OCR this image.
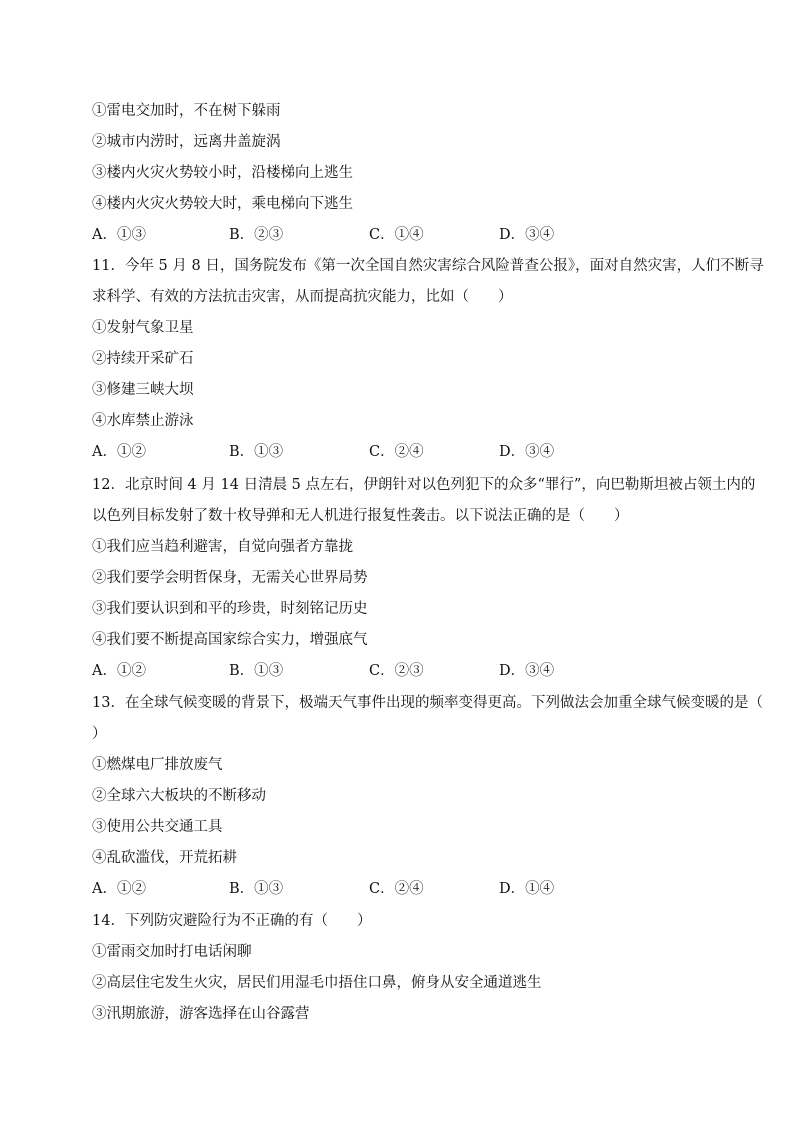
①雷电交加时，不在树下躲雨
②城市内涝时，远离井盖旋涡
③楼内火灾火势较小时，沿楼梯向上逃生
④楼内火灾火势较大时，乘电梯向下逃生
A．①③	B．②③	C．①④	D．③④
11．今年 5 月 8 日，国务院发布《第一次全国自然灾害综合风险普查公报》，面对自然灾害，人们不断寻
求科学、有效的方法抗击灾害，从而提高抗灾能力，比如（　　）
①发射气象卫星
②持续开采矿石
③修建三峡大坝
④水库禁止游泳
A．①②	B．①③	C．②④	D．③④
12．北京时间 4 月 14 日清晨 5 点左右，伊朗针对以色列犯下的众多“罪行”，向巴勒斯坦被占领土内的
以色列目标发射了数十枚导弹和无人机进行报复性袭击。以下说法正确的是（　　）
①我们应当趋利避害，自觉向强者方靠拢
②我们要学会明哲保身，无需关心世界局势
③我们要认识到和平的珍贵，时刻铭记历史
④我们要不断提高国家综合实力，增强底气
A．①②	B．①③	C．②③	D．③④
13．在全球气候变暖的背景下，极端天气事件出现的频率变得更高。下列做法会加重全球气候变暖的是（
）
①燃煤电厂排放废气
②全球六大板块的不断移动
③使用公共交通工具
④乱砍滥伐，开荒拓耕
A．①②	B．①③	C．②④	D．①④
14．下列防灾避险行为不正确的有（　　）
①雷雨交加时打电话闲聊
②高层住宅发生火灾，居民们用湿毛巾捂住口鼻，俯身从安全通道逃生
③汛期旅游，游客选择在山谷露营
